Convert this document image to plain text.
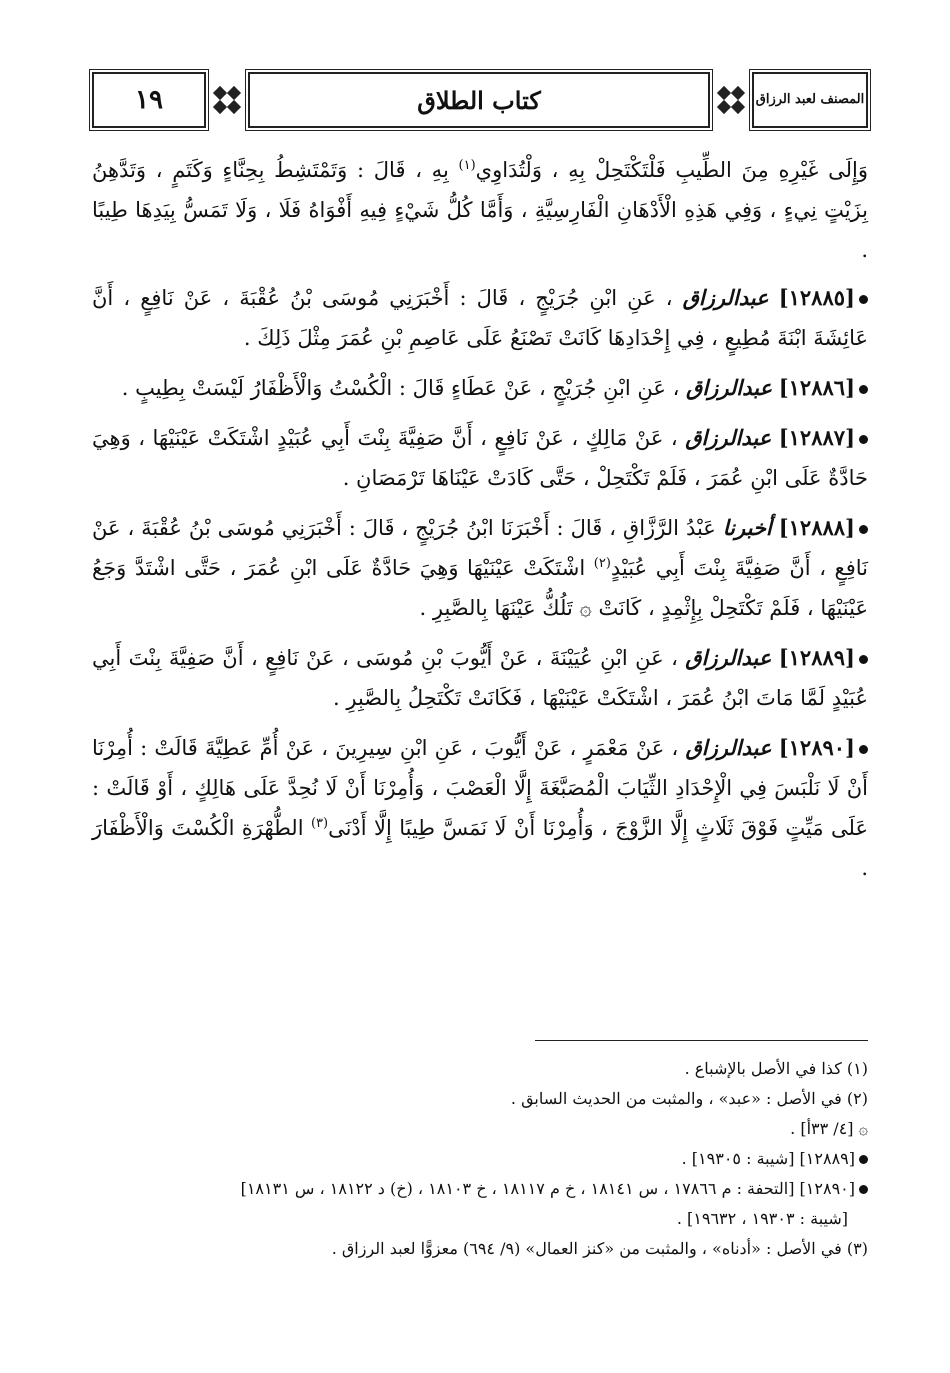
١٩	كتاب الطلاق	المصنف لعبد الرزاق

وَإِلَى غَيْرِهِ مِنَ الطِّيبِ فَلْتَكْتَحِلْ بِهِ ، وَلْتُدَاوِي$^{(١)}$ بِهِ ، قَالَ : وَتَمْتَشِطُ بِحِنَّاءٍ وَكَتَمٍ ، وَتَدَّهِنُ بِزَيْتٍ نِيءٍ ، وَفِي هَذِهِ الْأَدْهَانِ الْفَارِسِيَّةِ ، وَأَمَّا كُلُّ شَيْءٍ فِيهِ أَفْوَاهُ فَلَا ، وَلَا تَمَسُّ بِيَدِهَا طِيبًا .

[١٢٨٨٥] عبدالرزاق ، عَنِ ابْنِ جُرَيْجٍ ، قَالَ : أَخْبَرَنِي مُوسَى بْنُ عُقْبَةَ ، عَنْ نَافِعٍ ، أَنَّ عَائِشَةَ ابْنَةَ مُطِيعٍ ، فِي إِحْدَادِهَا كَانَتْ تَصْنَعُ عَلَى عَاصِمِ بْنِ عُمَرَ مِثْلَ ذَلِكَ .

[١٢٨٨٦] عبدالرزاق ، عَنِ ابْنِ جُرَيْجٍ ، عَنْ عَطَاءٍ قَالَ : الْكُسْتُ وَالْأَظْفَارُ لَيْسَتْ بِطِيبٍ .

[١٢٨٨٧] عبدالرزاق ، عَنْ مَالِكٍ ، عَنْ نَافِعٍ ، أَنَّ صَفِيَّةَ بِنْتَ أَبِي عُبَيْدٍ اشْتَكَتْ عَيْنَيْهَا ، وَهِيَ حَادَّةٌ عَلَى ابْنِ عُمَرَ ، فَلَمْ تَكْتَحِلْ ، حَتَّى كَادَتْ عَيْنَاهَا تَرْمَصَانِ .

[١٢٨٨٨] أخبرنا عَبْدُ الرَّزَّاقِ ، قَالَ : أَخْبَرَنَا ابْنُ جُرَيْجٍ ، قَالَ : أَخْبَرَنِي مُوسَى بْنُ عُقْبَةَ ، عَنْ نَافِعٍ ، أَنَّ صَفِيَّةَ بِنْتَ أَبِي عُبَيْدٍ$^{(٢)}$ اشْتَكَتْ عَيْنَيْهَا وَهِيَ حَادَّةٌ عَلَى ابْنِ عُمَرَ ، حَتَّى اشْتَدَّ وَجَعُ عَيْنَيْهَا ، فَلَمْ تَكْتَحِلْ بِإِثْمِدٍ ، كَانَتْ ۞ تَلُكُّ عَيْنَهَا بِالصَّبِرِ .

[١٢٨٨٩] عبدالرزاق ، عَنِ ابْنِ عُيَيْنَةَ ، عَنْ أَيُّوبَ بْنِ مُوسَى ، عَنْ نَافِعٍ ، أَنَّ صَفِيَّةَ بِنْتَ أَبِي عُبَيْدٍ لَمَّا مَاتَ ابْنُ عُمَرَ ، اشْتَكَتْ عَيْنَيْهَا ، فَكَانَتْ تَكْتَحِلُ بِالصَّبِرِ .

[١٢٨٩٠] عبدالرزاق ، عَنْ مَعْمَرٍ ، عَنْ أَيُّوبَ ، عَنِ ابْنِ سِيرِينَ ، عَنْ أُمِّ عَطِيَّةَ قَالَتْ : أُمِرْنَا أَنْ لَا نَلْبَسَ فِي الْإِحْدَادِ الثِّيَابَ الْمُصَبَّغَةَ إِلَّا الْعَصْبَ ، وَأُمِرْنَا أَنْ لَا نُحِدَّ عَلَى هَالِكٍ ، أَوْ قَالَتْ : عَلَى مَيِّتٍ فَوْقَ ثَلَاثٍ إِلَّا الزَّوْجَ ، وَأُمِرْنَا أَنْ لَا نَمَسَّ طِيبًا إِلَّا أَدْنَى$^{(٣)}$ الطُّهْرَةِ الْكُسْتَ وَالْأَظْفَارَ .

(١) كذا في الأصل بالإشباع .

(٢) في الأصل : «عبد» ، والمثبت من الحديث السابق .

۞ [٤/ ٣٣أ] .

[١٢٨٨٩] [شيبة : ١٩٣٠٥] .

[١٢٨٩٠] [التحفة : م ١٧٨٦٦ ، س ١٨١٤١ ، خ م ١٨١١٧ ، خ ١٨١٠٣ ، (خ) د ١٨١٢٢ ، س ١٨١٣١]

[شيبة : ١٩٣٠٣ ، ١٩٦٣٢] .

(٣) في الأصل : «أدناه» ، والمثبت من «كنز العمال» (٩/ ٦٩٤) معزوًّا لعبد الرزاق .
